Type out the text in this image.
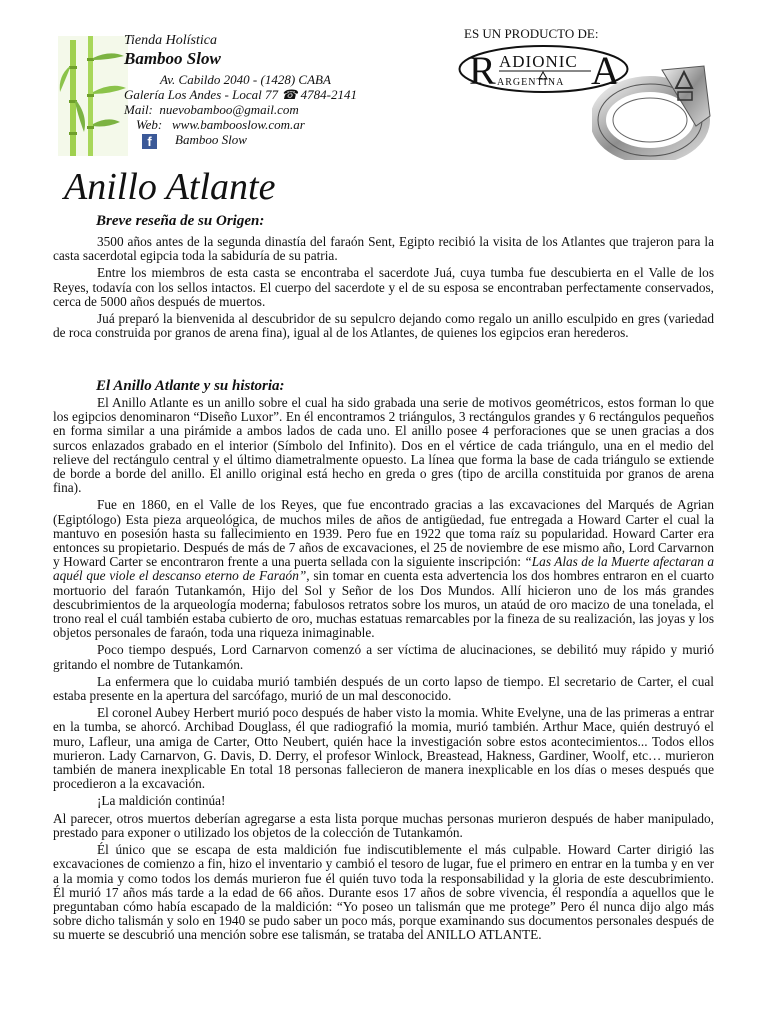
Tienda Holística
Bamboo Slow
Av. Cabildo 2040 - (1428) CABA
Galería Los Andes - Local 77 ☎ 4784-2141
Mail: nuevobamboo@gmail.com
Web: www.bambooslow.com.ar
f Bamboo Slow
ES UN PRODUCTO DE:
R A
ADIONIC
ARGENTINA
Anillo Atlante
Breve reseña de su Origen:

3500 años antes de la segunda dinastía del faraón Sent, Egipto recibió la visita de los Atlantes que trajeron para la casta sacerdotal egipcia toda la sabiduría de su patria.

Entre los miembros de esta casta se encontraba el sacerdote Juá, cuya tumba fue descubierta en el Valle de los Reyes, todavía con los sellos intactos. El cuerpo del sacerdote y el de su esposa se encontraban perfectamente conservados, cerca de 5000 años después de muertos.

Juá preparó la bienvenida al descubridor de su sepulcro dejando como regalo un anillo esculpido en gres (variedad de roca construida por granos de arena fina), igual al de los Atlantes, de quienes los egipcios eran herederos.

El Anillo Atlante y su historia:

El Anillo Atlante es un anillo sobre el cual ha sido grabada una serie de motivos geométricos, estos forman lo que los egipcios denominaron “Diseño Luxor”. En él encontramos 2 triángulos, 3 rectángulos grandes y 6 rectángulos pequeños en forma similar a una pirámide a ambos lados de cada uno. El anillo posee 4 perforaciones que se unen gracias a dos surcos enlazados grabado en el interior (Símbolo del Infinito). Dos en el vértice de cada triángulo, una en el medio del relieve del rectángulo central y el último diametralmente opuesto. La línea que forma la base de cada triángulo se extiende de borde a borde del anillo. El anillo original está hecho en greda o gres (tipo de arcilla constituida por granos de arena fina).

Fue en 1860, en el Valle de los Reyes, que fue encontrado gracias a las excavaciones del Marqués de Agrian (Egiptólogo) Esta pieza arqueológica, de muchos miles de años de antigüedad, fue entregada a Howard Carter el cual la mantuvo en posesión hasta su fallecimiento en 1939. Pero fue en 1922 que toma raíz su popularidad. Howard Carter era entonces su propietario. Después de más de 7 años de excavaciones, el 25 de noviembre de ese mismo año, Lord Carvarnon y Howard Carter se encontraron frente a una puerta sellada con la siguiente inscripción: “Las Alas de la Muerte afectaran a aquél que viole el descanso eterno de Faraón”, sin tomar en cuenta esta advertencia los dos hombres entraron en el cuarto mortuorio del faraón Tutankamón, Hijo del Sol y Señor de los Dos Mundos. Allí hicieron uno de los más grandes descubrimientos de la arqueología moderna; fabulosos retratos sobre los muros, un ataúd de oro macizo de una tonelada, el trono real el cuál también estaba cubierto de oro, muchas estatuas remarcables por la fineza de su realización, las joyas y los objetos personales de faraón, toda una riqueza inimaginable.

Poco tiempo después, Lord Carnarvon comenzó a ser víctima de alucinaciones, se debilitó muy rápido y murió gritando el nombre de Tutankamón.

La enfermera que lo cuidaba murió también después de un corto lapso de tiempo. El secretario de Carter, el cual estaba presente en la apertura del sarcófago, murió de un mal desconocido.

El coronel Aubey Herbert murió poco después de haber visto la momia. White Evelyne, una de las primeras a entrar en la tumba, se ahorcó. Archibad Douglass, él que radiografió la momia, murió también. Arthur Mace, quién destruyó el muro, Lafleur, una amiga de Carter, Otto Neubert, quién hace la investigación sobre estos acontecimientos... Todos ellos murieron. Lady Carnarvon, G. Davis, D. Derry, el profesor Winlock, Breastead, Hakness, Gardiner, Woolf, etc… murieron también de manera inexplicable En total 18 personas fallecieron de manera inexplicable en los días o meses después que procedieron a la excavación.

¡La maldición continúa!

Al parecer, otros muertos deberían agregarse a esta lista porque muchas personas murieron después de haber manipulado, prestado para exponer o utilizado los objetos de la colección de Tutankamón.

Él único que se escapa de esta maldición fue indiscutiblemente el más culpable. Howard Carter dirigió las excavaciones de comienzo a fin, hizo el inventario y cambió el tesoro de lugar, fue el primero en entrar en la tumba y en ver a la momia y como todos los demás murieron fue él quién tuvo toda la responsabilidad y la gloria de este descubrimiento. Él murió 17 años más tarde a la edad de 66 años. Durante esos 17 años de sobre vivencia, él respondía a aquellos que le preguntaban cómo había escapado de la maldición: “Yo poseo un talismán que me protege” Pero él nunca dijo algo más sobre dicho talismán y solo en 1940 se pudo saber un poco más, porque examinando sus documentos personales después de su muerte se descubrió una mención sobre ese talismán, se trataba del ANILLO ATLANTE.
